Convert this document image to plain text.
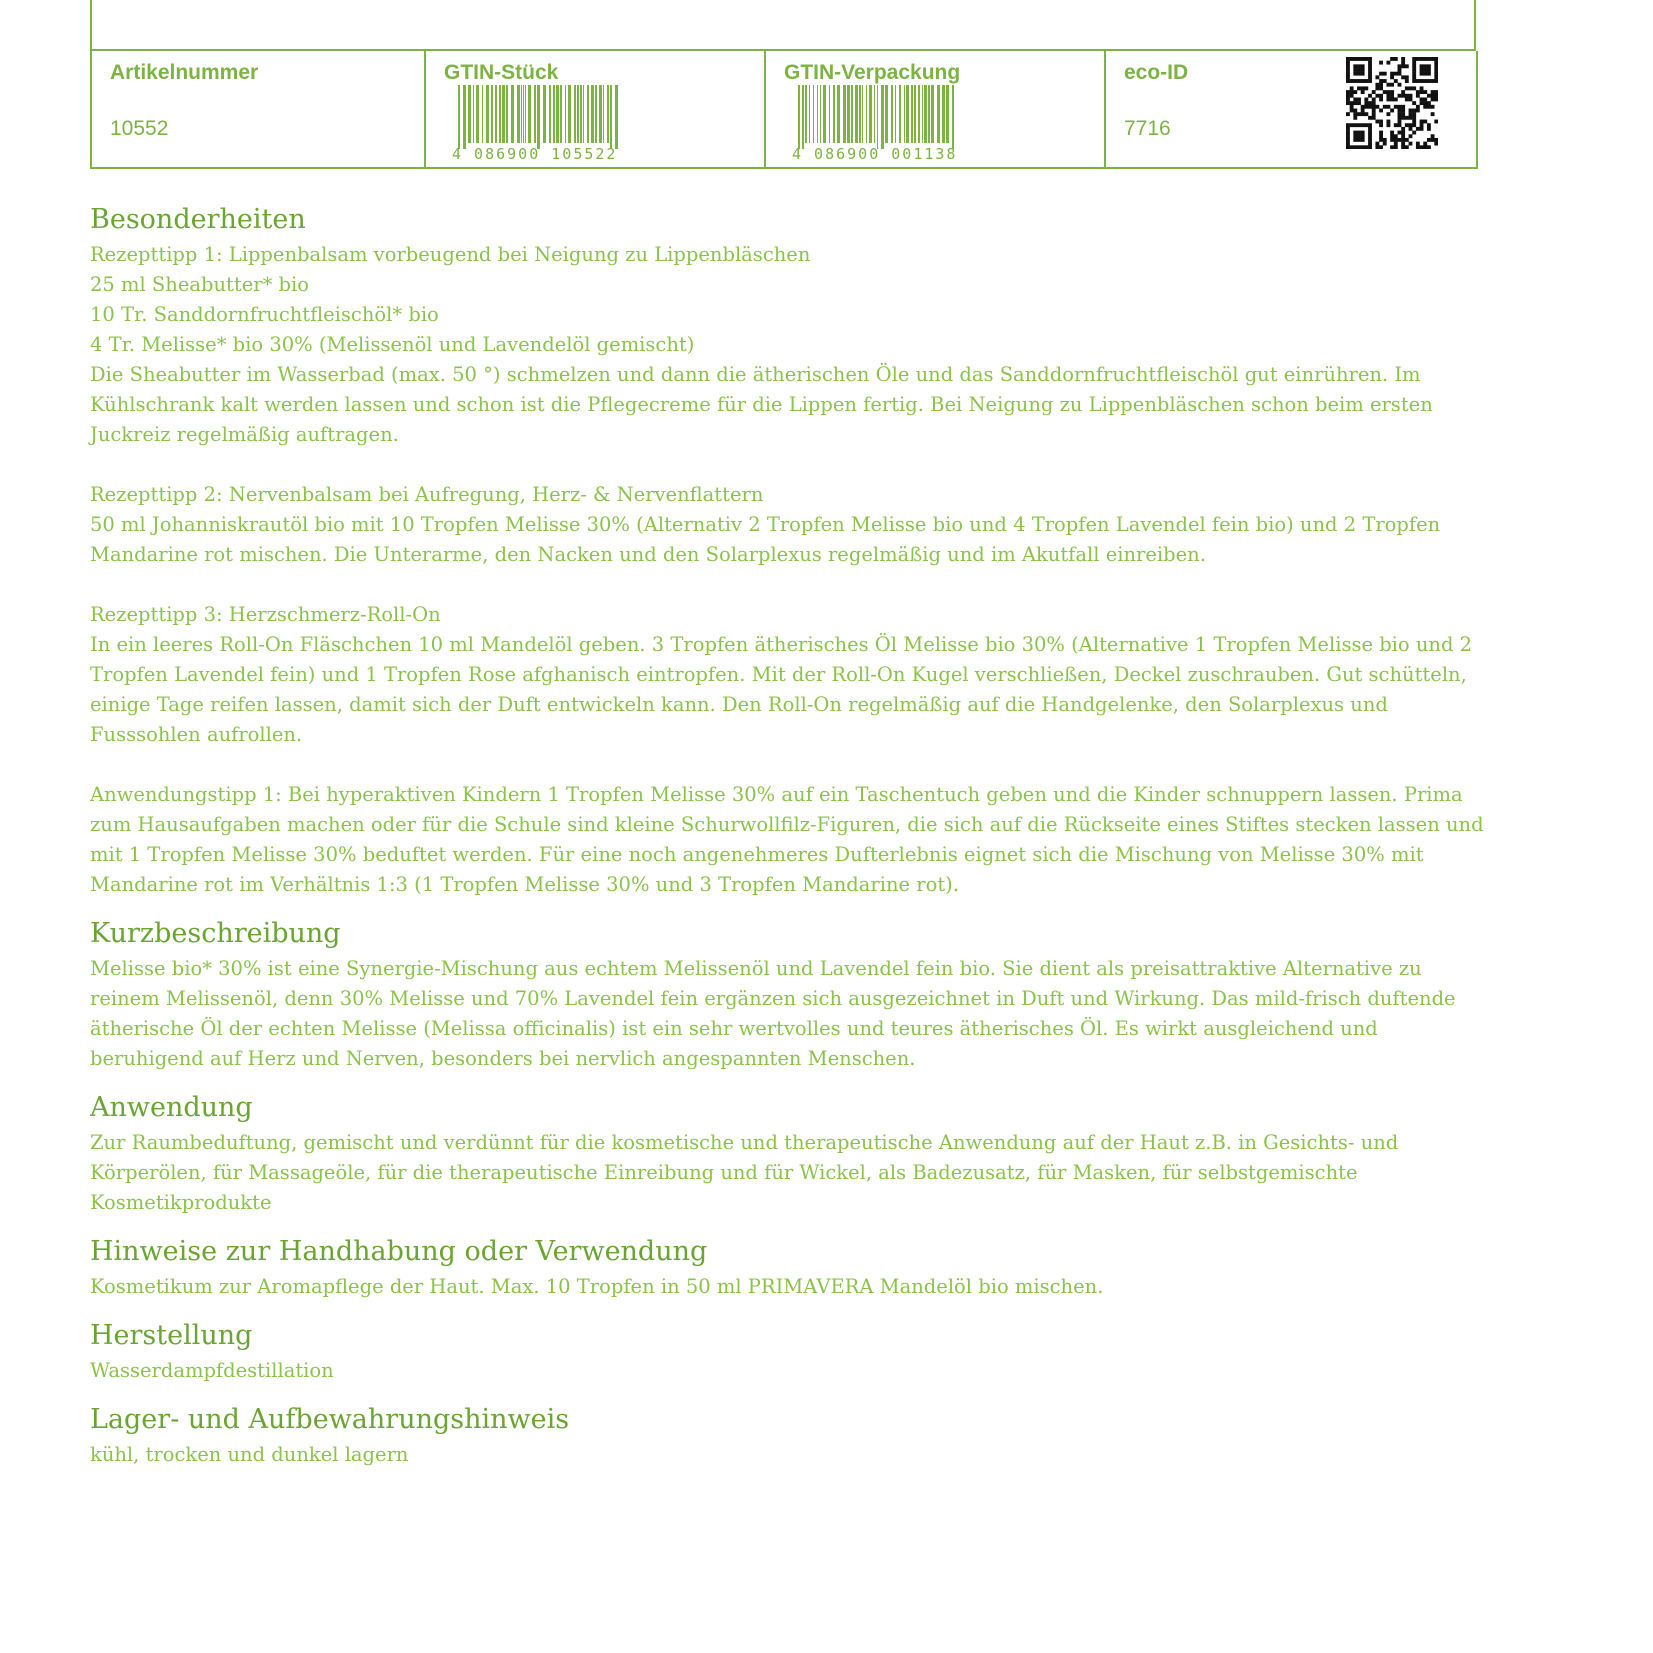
Artikelnummer
10552
GTIN-Stück
4 086900 105522
GTIN-Verpackung
4 086900 001138
eco-ID
7716
Besonderheiten

Rezepttipp 1: Lippenbalsam vorbeugend bei Neigung zu Lippenbläschen

25 ml Sheabutter* bio

10 Tr. Sanddornfruchtfleischöl* bio

4 Tr. Melisse* bio 30% (Melissenöl und Lavendelöl gemischt)

Die Sheabutter im Wasserbad (max. 50 °) schmelzen und dann die ätherischen Öle und das Sanddornfruchtfleischöl gut einrühren. Im Kühlschrank kalt werden lassen und schon ist die Pflegecreme für die Lippen fertig. Bei Neigung zu Lippenbläschen schon beim ersten Juckreiz regelmäßig auftragen.

Rezepttipp 2: Nervenbalsam bei Aufregung, Herz- & Nervenflattern

50 ml Johanniskrautöl bio mit 10 Tropfen Melisse 30% (Alternativ 2 Tropfen Melisse bio und 4 Tropfen Lavendel fein bio) und 2 Tropfen Mandarine rot mischen. Die Unterarme, den Nacken und den Solarplexus regelmäßig und im Akutfall einreiben.

Rezepttipp 3: Herzschmerz-Roll-On

In ein leeres Roll-On Fläschchen 10 ml Mandelöl geben. 3 Tropfen ätherisches Öl Melisse bio 30% (Alternative 1 Tropfen Melisse bio und 2 Tropfen Lavendel fein) und 1 Tropfen Rose afghanisch eintropfen. Mit der Roll-On Kugel verschließen, Deckel zuschrauben. Gut schütteln, einige Tage reifen lassen, damit sich der Duft entwickeln kann. Den Roll-On regelmäßig auf die Handgelenke, den Solarplexus und Fusssohlen aufrollen.

Anwendungstipp 1: Bei hyperaktiven Kindern 1 Tropfen Melisse 30% auf ein Taschentuch geben und die Kinder schnuppern lassen. Prima zum Hausaufgaben machen oder für die Schule sind kleine Schurwollfilz-Figuren, die sich auf die Rückseite eines Stiftes stecken lassen und mit 1 Tropfen Melisse 30% beduftet werden. Für eine noch angenehmeres Dufterlebnis eignet sich die Mischung von Melisse 30% mit Mandarine rot im Verhältnis 1:3 (1 Tropfen Melisse 30% und 3 Tropfen Mandarine rot).

Kurzbeschreibung

Melisse bio* 30% ist eine Synergie-Mischung aus echtem Melissenöl und Lavendel fein bio. Sie dient als preisattraktive Alternative zu reinem Melissenöl, denn 30% Melisse und 70% Lavendel fein ergänzen sich ausgezeichnet in Duft und Wirkung. Das mild-frisch duftende ätherische Öl der echten Melisse (Melissa officinalis) ist ein sehr wertvolles und teures ätherisches Öl. Es wirkt ausgleichend und beruhigend auf Herz und Nerven, besonders bei nervlich angespannten Menschen.

Anwendung

Zur Raumbeduftung, gemischt und verdünnt für die kosmetische und therapeutische Anwendung auf der Haut z.B. in Gesichts- und Körperölen, für Massageöle, für die therapeutische Einreibung und für Wickel, als Badezusatz, für Masken, für selbstgemischte Kosmetikprodukte

Hinweise zur Handhabung oder Verwendung

Kosmetikum zur Aromapflege der Haut. Max. 10 Tropfen in 50 ml PRIMAVERA Mandelöl bio mischen.

Herstellung

Wasserdampfdestillation

Lager- und Aufbewahrungshinweis

kühl, trocken und dunkel lagern
